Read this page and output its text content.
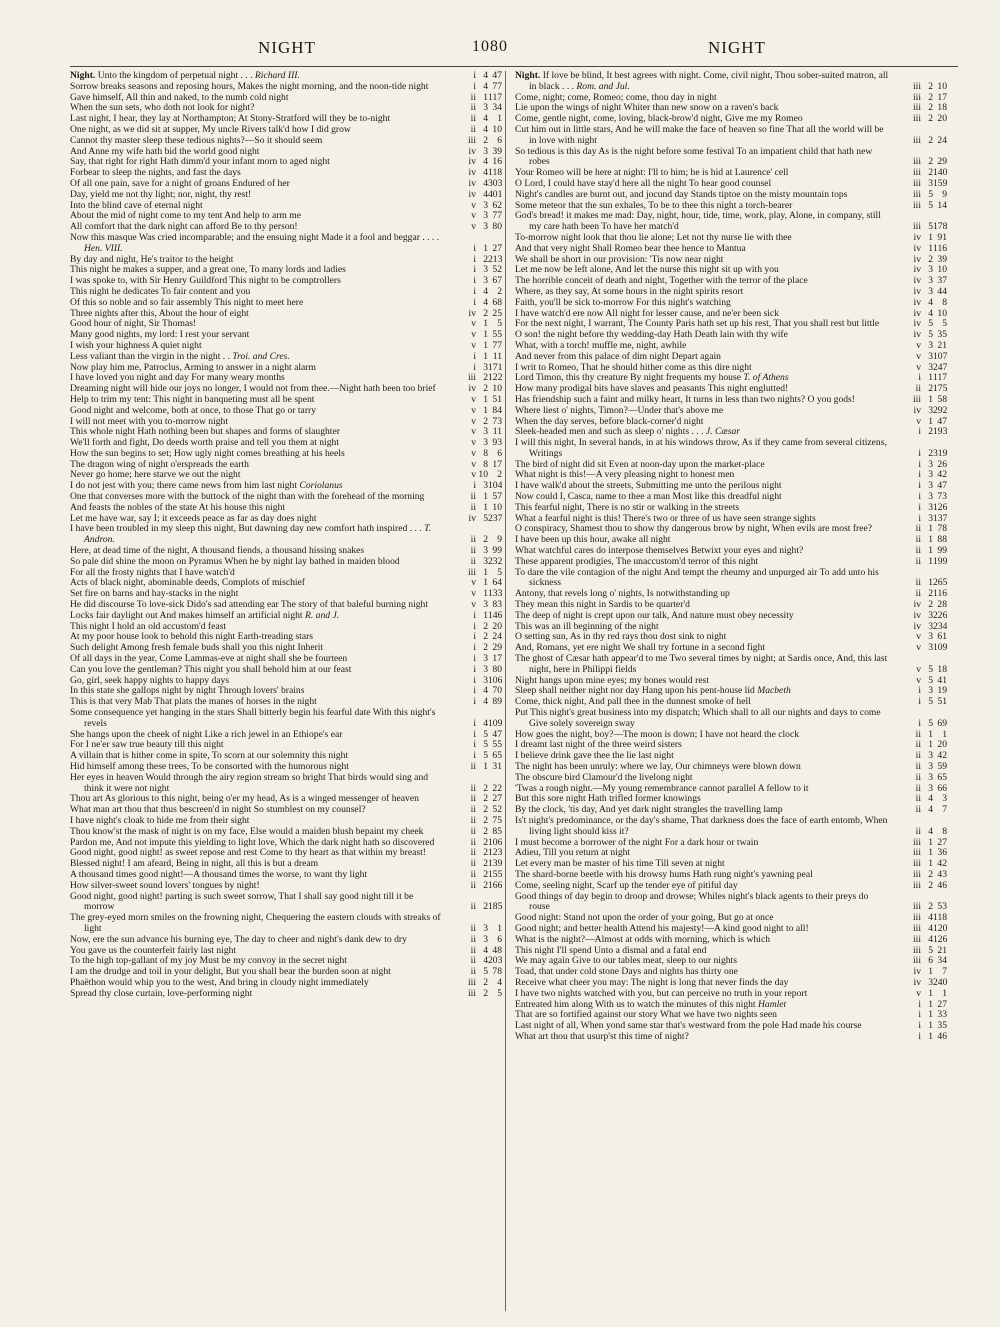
NIGHT	1080	NIGHT
Night. Unto the kingdom of perpetual night . . . Richard III.	i 4 47
Sorrow breaks seasons and reposing hours, Makes the night morning, and the noon-tide night	i 4 77
Gave himself, All thin and naked, to the numb cold night	ii 1117
When the sun sets, who doth not look for night?	ii 3 34
Last night, I hear, they lay at Northampton; At Stony-Stratford will they be to-night	ii 4 1
One night, as we did sit at supper, My uncle Rivers talk'd how I did grow	ii 4 10
Cannot thy master sleep these tedious nights?—So it should seem	iii 2 6
And Anne my wife hath bid the world good night	iv 3 39
Say, that right for right Hath dimm'd your infant morn to aged night	iv 4 16
Forbear to sleep the nights, and fast the days	iv 4118
Of all one pain, save for a night of groans Endured of her	iv 4303
Day, yield me not thy light; nor, night, thy rest!	iv 4401
Into the blind cave of eternal night	v 3 62
About the mid of night come to my tent And help to arm me	v 3 77
All comfort that the dark night can afford Be to thy person!	v 3 80
Now this masque Was cried incomparable; and the ensuing night Made it a fool and beggar . . . . Hen. VIII.	i 1 27
By day and night, He's traitor to the height	i 2213
This night he makes a supper, and a great one, To many lords and ladies	i 3 52
I was spoke to, with Sir Henry Guildford This night to be comptrollers	i 3 67
This night he dedicates To fair content and you	i 4 2
Of this so noble and so fair assembly This night to meet here	i 4 68
Three nights after this, About the hour of eight	iv 2 25
Good hour of night, Sir Thomas!	v 1 5
Many good nights, my lord: I rest your servant	v 1 55
I wish your highness A quiet night	v 1 77
Less valiant than the virgin in the night . . Troi. and Cres.	i 1 11
Now play him me, Patroclus, Arming to answer in a night alarm	i 3171
I have loved you night and day For many weary months	iii 2122
Dreaming night will hide our joys no longer, I would not from thee.—Night hath been too brief	iv 2 10
Help to trim my tent: This night in banqueting must all be spent	v 1 51
Good night and welcome, both at once, to those That go or tarry	v 1 84
I will not meet with you to-morrow night	v 2 73
This whole night Hath nothing been but shapes and forms of slaughter	v 3 11
We'll forth and fight, Do deeds worth praise and tell you them at night	v 3 93
How the sun begins to set; How ugly night comes breathing at his heels	v 8 6
The dragon wing of night o'erspreads the earth	v 8 17
Never go home; here starve we out the night	v 10 2
I do not jest with you; there came news from him last night Coriolanus	i 3104
One that converses more with the buttock of the night than with the forehead of the morning	ii 1 57
And feasts the nobles of the state At his house this night	ii 1 10
Let me have war, say I; it exceeds peace as far as day does night	iv 5237
I have been troubled in my sleep this night, But dawning day new comfort hath inspired . . . T. Andron.	ii 2 9
Here, at dead time of the night, A thousand fiends, a thousand hissing snakes	ii 3 99
So pale did shine the moon on Pyramus When he by night lay bathed in maiden blood	ii 3232
For all the frosty nights that I have watch'd	iii 1 5
Acts of black night, abominable deeds, Complots of mischief	v 1 64
Set fire on barns and hay-stacks in the night	v 1133
He did discourse To love-sick Dido's sad attending ear The story of that baleful burning night	v 3 83
Locks fair daylight out And makes himself an artificial night R. and J.	i 1146
This night I hold an old accustom'd feast	i 2 20
At my poor house look to behold this night Earth-treading stars	i 2 24
Such delight Among fresh female buds shall you this night Inherit	i 2 29
Of all days in the year, Come Lammas-eve at night shall she be fourteen	i 3 17
Can you love the gentleman? This night you shall behold him at our feast	i 3 80
Go, girl, seek happy nights to happy days	i 3106
In this state she gallops night by night Through lovers' brains	i 4 70
This is that very Mab That plats the manes of horses in the night	i 4 89
Some consequence yet hanging in the stars Shall bitterly begin his fearful date With this night's revels	i 4109
She hangs upon the cheek of night Like a rich jewel in an Ethiope's ear	i 5 47
For I ne'er saw true beauty till this night	i 5 55
A villain that is hither come in spite, To scorn at our solemnity this night	i 5 65
Hid himself among these trees, To be consorted with the humorous night	ii 1 31
Her eyes in heaven Would through the airy region stream so bright That birds would sing and think it were not night	ii 2 22
Thou art As glorious to this night, being o'er my head, As is a winged messenger of heaven	ii 2 27
What man art thou that thus bescreen'd in night So stumblest on my counsel?	ii 2 52
I have night's cloak to hide me from their sight	ii 2 75
Thou know'st the mask of night is on my face, Else would a maiden blush bepaint my cheek	ii 2 85
Pardon me, And not impute this yielding to light love, Which the dark night hath so discovered	ii 2106
Good night, good night! as sweet repose and rest Come to thy heart as that within my breast!	ii 2123
Blessed night! I am afeard, Being in night, all this is but a dream	ii 2139
A thousand times good night!—A thousand times the worse, to want thy light	ii 2155
How silver-sweet sound lovers' tongues by night!	ii 2166
Good night, good night! parting is such sweet sorrow, That I shall say good night till it be morrow	ii 2185
The grey-eyed morn smiles on the frowning night, Chequering the eastern clouds with streaks of light	ii 3 1
Now, ere the sun advance his burning eye, The day to cheer and night's dank dew to dry	ii 3 6
You gave us the counterfeit fairly last night	ii 4 48
To the high top-gallant of my joy Must be my convoy in the secret night	ii 4203
I am the drudge and toil in your delight, But you shall bear the burden soon at night	ii 5 78
Phaëthon would whip you to the west, And bring in cloudy night immediately	iii 2 4
Spread thy close curtain, love-performing night	iii 2 5
Night. If love be blind, It best agrees with night. Come, civil night, Thou sober-suited matron, all in black . . . Rom. and Jul.	iii 2 10
Come, night; come, Romeo; come, thou day in night	iii 2 17
Lie upon the wings of night Whiter than new snow on a raven's back	iii 2 18
Come, gentle night, come, loving, black-brow'd night, Give me my Romeo	iii 2 20
Cut him out in little stars, And he will make the face of heaven so fine That all the world will be in love with night	iii 2 24
So tedious is this day As is the night before some festival To an impatient child that hath new robes	iii 2 29
Your Romeo will be here at night: I'll to him; he is hid at Laurence' cell	iii 2140
O Lord, I could have stay'd here all the night To hear good counsel	iii 3159
Night's candles are burnt out, and jocund day Stands tiptoe on the misty mountain tops	iii 5 9
Some meteor that the sun exhales, To be to thee this night a torch-bearer	iii 5 14
God's bread! it makes me mad: Day, night, hour, tide, time, work, play, Alone, in company, still my care hath been To have her match'd	iii 5178
To-morrow night look that thou lie alone; Let not thy nurse lie with thee	iv 1 91
And that very night Shall Romeo bear thee hence to Mantua	iv 1116
We shall be short in our provision: 'Tis now near night	iv 2 39
Let me now be left alone, And let the nurse this night sit up with you	iv 3 10
The horrible conceit of death and night, Together with the terror of the place	iv 3 37
Where, as they say, At some hours in the night spirits resort	iv 3 44
Faith, you'll be sick to-morrow For this night's watching	iv 4 8
I have watch'd ere now All night for lesser cause, and ne'er been sick	iv 4 10
For the next night, I warrant, The County Paris hath set up his rest, That you shall rest but little	iv 5 5
O son! the night before thy wedding-day Hath Death lain with thy wife	iv 5 35
What, with a torch! muffle me, night, awhile	v 3 21
And never from this palace of dim night Depart again	v 3107
I writ to Romeo, That he should hither come as this dire night	v 3247
Lord Timon, this thy creature By night frequents my house T. of Athens	i 1117
How many prodigal bits have slaves and peasants This night englutted!	ii 2175
Has friendship such a faint and milky heart, It turns in less than two nights? O you gods!	iii 1 58
Where liest o' nights, Timon?—Under that's above me	iv 3292
When the day serves, before black-corner'd night	v 1 47
Sleek-headed men and such as sleep o' nights . . . J. Cæsar	i 2193
I will this night, In several hands, in at his windows throw, As if they came from several citizens, Writings	i 2319
The bird of night did sit Even at noon-day upon the market-place	i 3 26
What night is this!—A very pleasing night to honest men	i 3 42
I have walk'd about the streets, Submitting me unto the perilous night	i 3 47
Now could I, Casca, name to thee a man Most like this dreadful night	i 3 73
This fearful night, There is no stir or walking in the streets	i 3126
What a fearful night is this! There's two or three of us have seen strange sights	i 3137
O conspiracy, Shamest thou to show thy dangerous brow by night, When evils are most free?	ii 1 78
I have been up this hour, awake all night	ii 1 88
What watchful cares do interpose themselves Betwixt your eyes and night?	ii 1 99
These apparent prodigies, The unaccustom'd terror of this night	ii 1199
To dare the vile contagion of the night And tempt the rheumy and unpurged air To add unto his sickness	ii 1265
Antony, that revels long o' nights, Is notwithstanding up	ii 2116
They mean this night in Sardis to be quarter'd	iv 2 28
The deep of night is crept upon our talk, And nature must obey necessity	iv 3226
This was an ill beginning of the night	iv 3234
O setting sun, As in thy red rays thou dost sink to night	v 3 61
And, Romans, yet ere night We shall try fortune in a second fight	v 3109
The ghost of Cæsar hath appear'd to me Two several times by night; at Sardis once, And, this last night, here in Philippi fields	v 5 18
Night hangs upon mine eyes; my bones would rest	v 5 41
Sleep shall neither night nor day Hang upon his pent-house lid Macbeth	i 3 19
Come, thick night, And pall thee in the dunnest smoke of hell	i 5 51
Put This night's great business into my dispatch; Which shall to all our nights and days to come Give solely sovereign sway	i 5 69
How goes the night, boy?—The moon is down; I have not heard the clock	ii 1 1
I dreamt last night of the three weird sisters	ii 1 20
I believe drink gave thee the lie last night	ii 3 42
The night has been unruly: where we lay, Our chimneys were blown down	ii 3 59
The obscure bird Clamour'd the livelong night	ii 3 65
'Twas a rough night.—My young remembrance cannot parallel A fellow to it	ii 3 66
But this sore night Hath trifled former knowings	ii 4 3
By the clock, 'tis day, And yet dark night strangles the travelling lamp	ii 4 7
Is't night's predominance, or the day's shame, That darkness does the face of earth entomb, When living light should kiss it?	ii 4 8
I must become a borrower of the night For a dark hour or twain	iii 1 27
Adieu, Till you return at night	iii 1 36
Let every man be master of his time Till seven at night	iii 1 42
The shard-borne beetle with his drowsy hums Hath rung night's yawning peal	iii 2 43
Come, seeling night, Scarf up the tender eye of pitiful day	iii 2 46
Good things of day begin to droop and drowse; Whiles night's black agents to their preys do rouse	iii 2 53
Good night: Stand not upon the order of your going, But go at once	iii 4118
Good night; and better health Attend his majesty!—A kind good night to all!	iii 4120
What is the night?—Almost at odds with morning, which is which	iii 4126
This night I'll spend Unto a dismal and a fatal end	iii 5 21
We may again Give to our tables meat, sleep to our nights	iii 6 34
Toad, that under cold stone Days and nights has thirty one	iv 1 7
Receive what cheer you may: The night is long that never finds the day	iv 3240
I have two nights watched with you, but can perceive no truth in your report	v 1 1
Entreated him along With us to watch the minutes of this night Hamlet	i 1 27
That are so fortified against our story What we have two nights seen	i 1 33
Last night of all, When yond same star that's westward from the pole Had made his course	i 1 35
What art thou that usurp'st this time of night?	i 1 46
